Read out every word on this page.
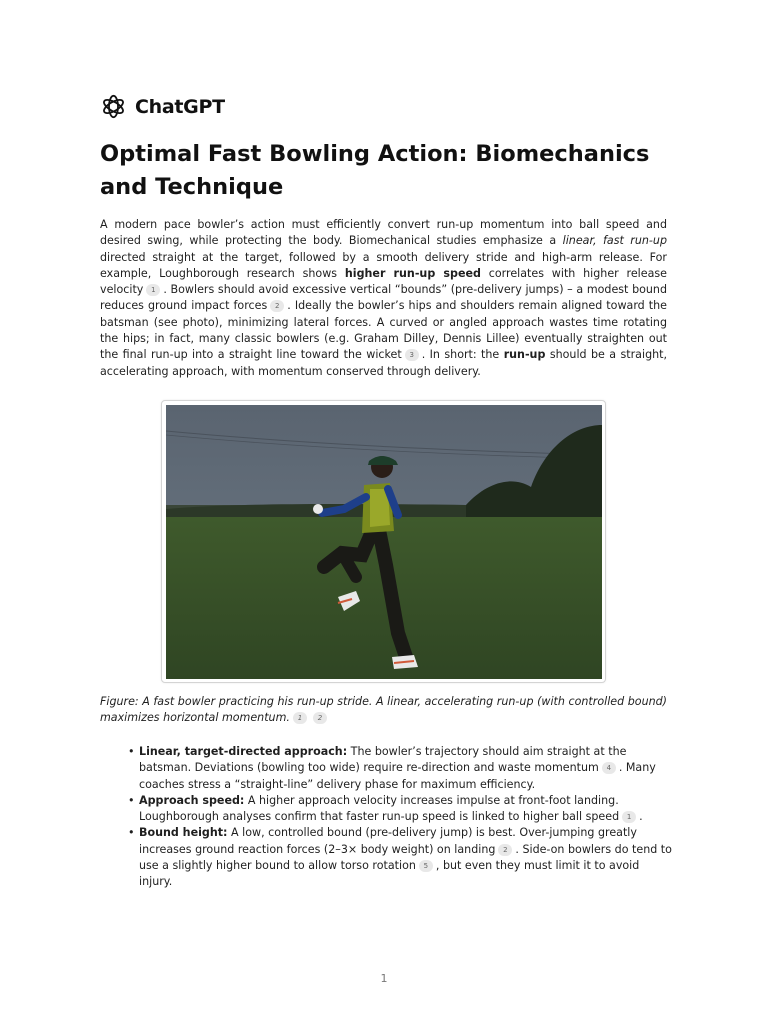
ChatGPT
Optimal Fast Bowling Action: Biomechanics and Technique

A modern pace bowler’s action must efficiently convert run-up momentum into ball speed and desired swing, while protecting the body. Biomechanical studies emphasize a linear, fast run-up directed straight at the target, followed by a smooth delivery stride and high-arm release. For example, Loughborough research shows higher run-up speed correlates with higher release velocity 1 . Bowlers should avoid excessive vertical “bounds” (pre-delivery jumps) – a modest bound reduces ground impact forces 2 . Ideally the bowler’s hips and shoulders remain aligned toward the batsman (see photo), minimizing lateral forces. A curved or angled approach wastes time rotating the hips; in fact, many classic bowlers (e.g. Graham Dilley, Dennis Lillee) eventually straighten out the final run-up into a straight line toward the wicket 3 . In short: the run-up should be a straight, accelerating approach, with momentum conserved through delivery.

Figure: A fast bowler practicing his run-up stride. A linear, accelerating run-up (with controlled bound) maximizes horizontal momentum. 1 2

• Linear, target-directed approach: The bowler’s trajectory should aim straight at the batsman. Deviations (bowling too wide) require re-direction and waste momentum 4 . Many coaches stress a “straight-line” delivery phase for maximum efficiency.
• Approach speed: A higher approach velocity increases impulse at front-foot landing. Loughborough analyses confirm that faster run-up speed is linked to higher ball speed 1 .
• Bound height: A low, controlled bound (pre-delivery jump) is best. Over-jumping greatly increases ground reaction forces (2–3× body weight) on landing 2 . Side-on bowlers do tend to use a slightly higher bound to allow torso rotation 5 , but even they must limit it to avoid injury.
1
